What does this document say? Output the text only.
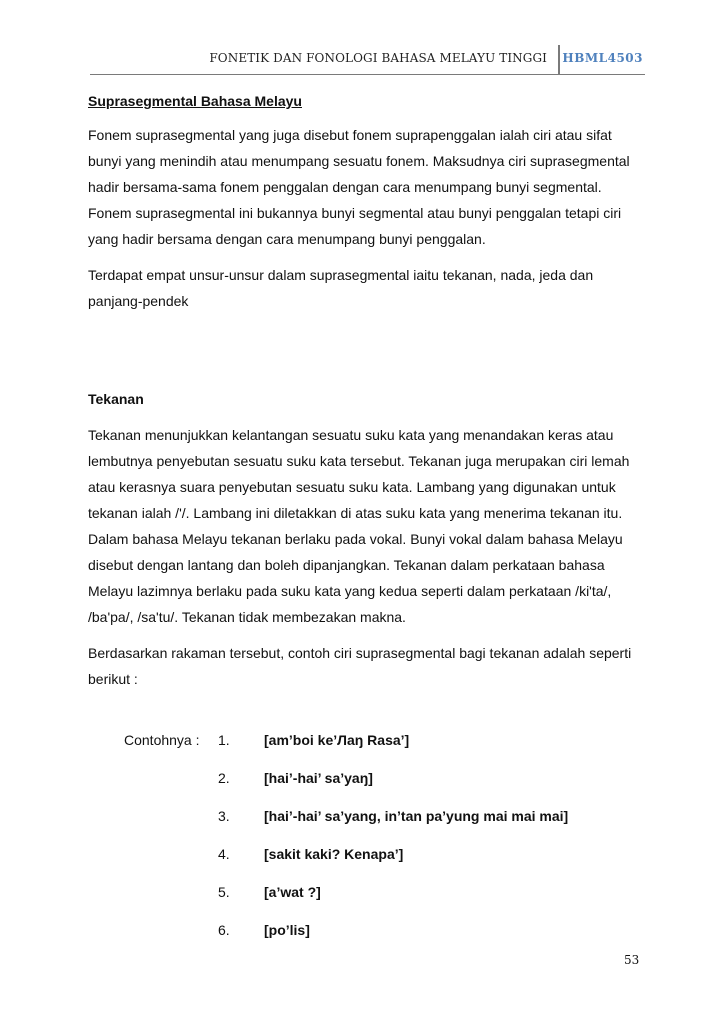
FONETIK DAN FONOLOGI BAHASA MELAYU TINGGI HBML4503

Suprasegmental Bahasa Melayu

Fonem suprasegmental yang juga disebut fonem suprapenggalan ialah ciri atau sifat bunyi yang menindih atau menumpang sesuatu fonem. Maksudnya ciri suprasegmental hadir bersama-sama fonem penggalan dengan cara menumpang bunyi segmental. Fonem suprasegmental ini bukannya bunyi segmental atau bunyi penggalan tetapi ciri yang hadir bersama dengan cara menumpang bunyi penggalan.

Terdapat empat unsur-unsur dalam suprasegmental iaitu tekanan, nada, jeda dan panjang-pendek

Tekanan

Tekanan menunjukkan kelantangan sesuatu suku kata yang menandakan keras atau lembutnya penyebutan sesuatu suku kata tersebut. Tekanan juga merupakan ciri lemah atau kerasnya suara penyebutan sesuatu suku kata. Lambang yang digunakan untuk tekanan ialah /'/. Lambang ini diletakkan di atas suku kata yang menerima tekanan itu. Dalam bahasa Melayu tekanan berlaku pada vokal. Bunyi vokal dalam bahasa Melayu disebut dengan lantang dan boleh dipanjangkan. Tekanan dalam perkataan bahasa Melayu lazimnya berlaku pada suku kata yang kedua seperti dalam perkataan /ki'ta/, /ba'pa/, /sa'tu/. Tekanan tidak membezakan makna.

Berdasarkan rakaman tersebut, contoh ciri suprasegmental bagi tekanan adalah seperti berikut :

Contohnya : 1. [am’boi ke’Лaŋ Rasa’]
2. [hai’-hai’ sa’yaŋ]
3. [hai’-hai’ sa’yang, in’tan pa’yung mai mai mai]
4. [sakit kaki? Kenapa’]
5. [a’wat ?]
6. [po’lis]
53
